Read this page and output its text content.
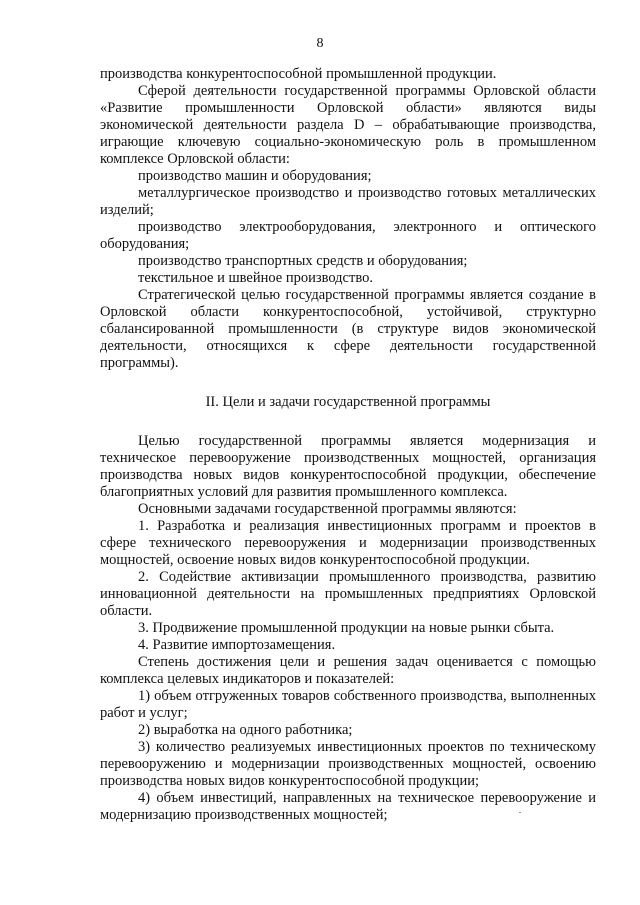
8

производства конкурентоспособной промышленной продукции.

Сферой деятельности государственной программы Орловской области «Развитие промышленности Орловской области» являются виды экономической деятельности раздела D – обрабатывающие производства, играющие ключевую социально-экономическую роль в промышленном комплексе Орловской области:

производство машин и оборудования;

металлургическое производство и производство готовых металлических изделий;

производство электрооборудования, электронного и оптического оборудования;

производство транспортных средств и оборудования;

текстильное и швейное производство.

Стратегической целью государственной программы является создание в Орловской области конкурентоспособной, устойчивой, структурно сбалансированной промышленности (в структуре видов экономической деятельности, относящихся к сфере деятельности государственной программы).

II. Цели и задачи государственной программы

Целью государственной программы является модернизация и техническое перевооружение производственных мощностей, организация производства новых видов конкурентоспособной продукции, обеспечение благоприятных условий для развития промышленного комплекса.

Основными задачами государственной программы являются:

1. Разработка и реализация инвестиционных программ и проектов в сфере технического перевооружения и модернизации производственных мощностей, освоение новых видов конкурентоспособной продукции.

2. Содействие активизации промышленного производства, развитию инновационной деятельности на промышленных предприятиях Орловской области.

3. Продвижение промышленной продукции на новые рынки сбыта.

4. Развитие импортозамещения.

Степень достижения цели и решения задач оценивается с помощью комплекса целевых индикаторов и показателей:

1) объем отгруженных товаров собственного производства, выполненных работ и услуг;

2) выработка на одного работника;

3) количество реализуемых инвестиционных проектов по техническому перевооружению и модернизации производственных мощностей, освоению производства новых видов конкурентоспособной продукции;

4) объем инвестиций, направленных на техническое перевооружение и модернизацию производственных мощностей;
